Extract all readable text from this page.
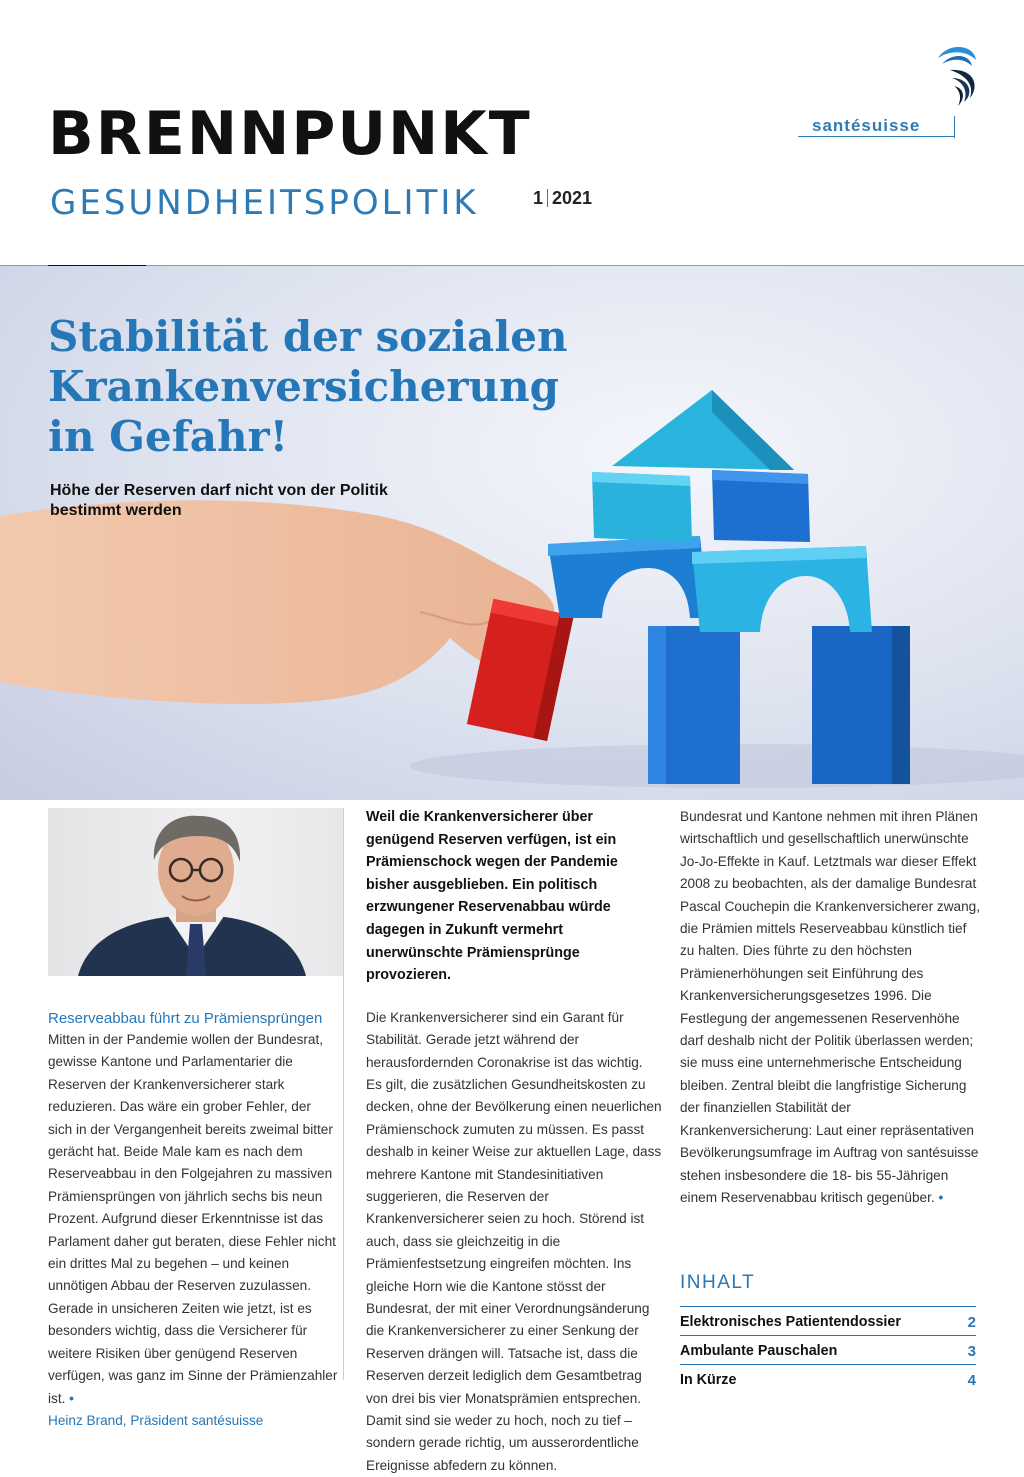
BRENNPUNKT
GESUNDHEITSPOLITIK	1 2021
santésuisse
Stabilität der sozialen
Krankenversicherung
in Gefahr!
Höhe der Reserven darf nicht von der Politik
bestimmt werden
Reserveabbau führt zu Prämiensprüngen

Mitten in der Pandemie wollen der Bundesrat, gewisse Kantone und Parlamentarier die Reserven der Krankenversicherer stark reduzieren. Das wäre ein grober Fehler, der sich in der Vergangenheit bereits zweimal bitter gerächt hat. Beide Male kam es nach dem Reserveabbau in den Folgejahren zu massiven Prämiensprüngen von jährlich sechs bis neun Prozent. Aufgrund dieser Erkenntnisse ist das Parlament daher gut beraten, diese Fehler nicht ein drittes Mal zu begehen – und keinen unnötigen Abbau der Reserven zuzulassen. Gerade in unsicheren Zeiten wie jetzt, ist es besonders wichtig, dass die Versicherer für weitere Risiken über genügend Reserven verfügen, was ganz im Sinne der Prämienzahler ist. •

Heinz Brand, Präsident santésuisse

Weil die Krankenversicherer über genügend Reserven verfügen, ist ein Prämienschock wegen der Pandemie bisher ausgeblieben. Ein politisch erzwungener Reservenabbau würde dagegen in Zukunft vermehrt unerwünschte Prämiensprünge provozieren.

Die Krankenversicherer sind ein Garant für Stabilität. Gerade jetzt während der herausfordernden Coronakrise ist das wichtig. Es gilt, die zusätzlichen Gesundheitskosten zu decken, ohne der Bevölkerung einen neuerlichen Prämienschock zumuten zu müssen. Es passt deshalb in keiner Weise zur aktuellen Lage, dass mehrere Kantone mit Standesinitiativen suggerieren, die Reserven der Krankenversicherer seien zu hoch. Störend ist auch, dass sie gleichzeitig in die Prämienfestsetzung eingreifen möchten. Ins gleiche Horn wie die Kantone stösst der Bundesrat, der mit einer Verordnungsänderung die Krankenversicherer zu einer Senkung der Reserven drängen will. Tatsache ist, dass die Reserven derzeit lediglich dem Gesamtbetrag von drei bis vier Monatsprämien entsprechen. Damit sind sie weder zu hoch, noch zu tief – sondern gerade richtig, um ausserordentliche Ereignisse abfedern zu können.

Bundesrat und Kantone nehmen mit ihren Plänen wirtschaftlich und gesellschaftlich unerwünschte Jo-Jo-Effekte in Kauf. Letztmals war dieser Effekt 2008 zu beobachten, als der damalige Bundesrat Pascal Couchepin die Krankenversicherer zwang, die Prämien mittels Reserveabbau künstlich tief zu halten. Dies führte zu den höchsten Prämienerhöhungen seit Einführung des Krankenversicherungsgesetzes 1996. Die Festlegung der angemessenen Reservenhöhe darf deshalb nicht der Politik überlassen werden; sie muss eine unternehmerische Entscheidung bleiben. Zentral bleibt die langfristige Sicherung der finanziellen Stabilität der Krankenversicherung: Laut einer repräsentativen Bevölkerungsumfrage im Auftrag von santésuisse stehen insbesondere die 18- bis 55-Jährigen einem Reservenabbau kritisch gegenüber. •

INHALT
Elektronisches Patientendossier	2
Ambulante Pauschalen	3
In Kürze	4
